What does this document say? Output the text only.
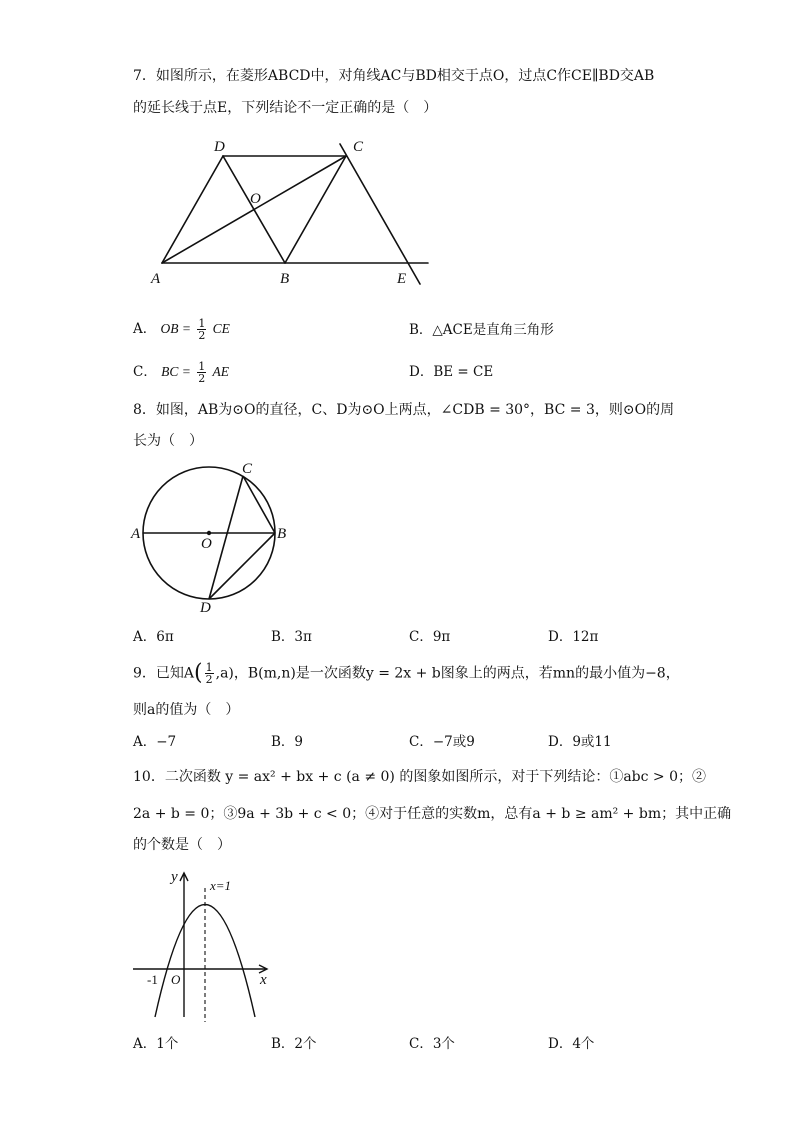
7．如图所示，在菱形ABCD中，对角线AC与BD相交于点O，过点C作CE∥BD交AB
的延长线于点E，下列结论不一定正确的是（　）
D	C
O
A	B	E
A． OB = $\frac{1}{2}$ CE	B．△ACE是直角三角形
C． BC = $\frac{1}{2}$ AE	D．BE = CE
8．如图，AB为⊙O的直径，C、D为⊙O上两点，∠CDB = 30°，BC = 3，则⊙O的周
长为（　）
C
A
O
B
D
A．6π	B．3π	C．9π	D．12π
9．已知$A( \frac{1}{2} ,a)$，B(m,n)是一次函数y = 2x + b图象上的两点，若mn的最小值为−8，
则a的值为（　）
A．−7	B．9	C．−7或9	D．9或11
10．二次函数 y = ax² + bx + c (a ≠ 0) 的图象如图所示，对于下列结论：①abc > 0；②
2a + b = 0；③9a + 3b + c < 0；④对于任意的实数m，总有a + b ≥ am² + bm；其中正确
的个数是（　）
y
x=1
-1 O	x
A．1个	B．2个	C．3个	D．4个
